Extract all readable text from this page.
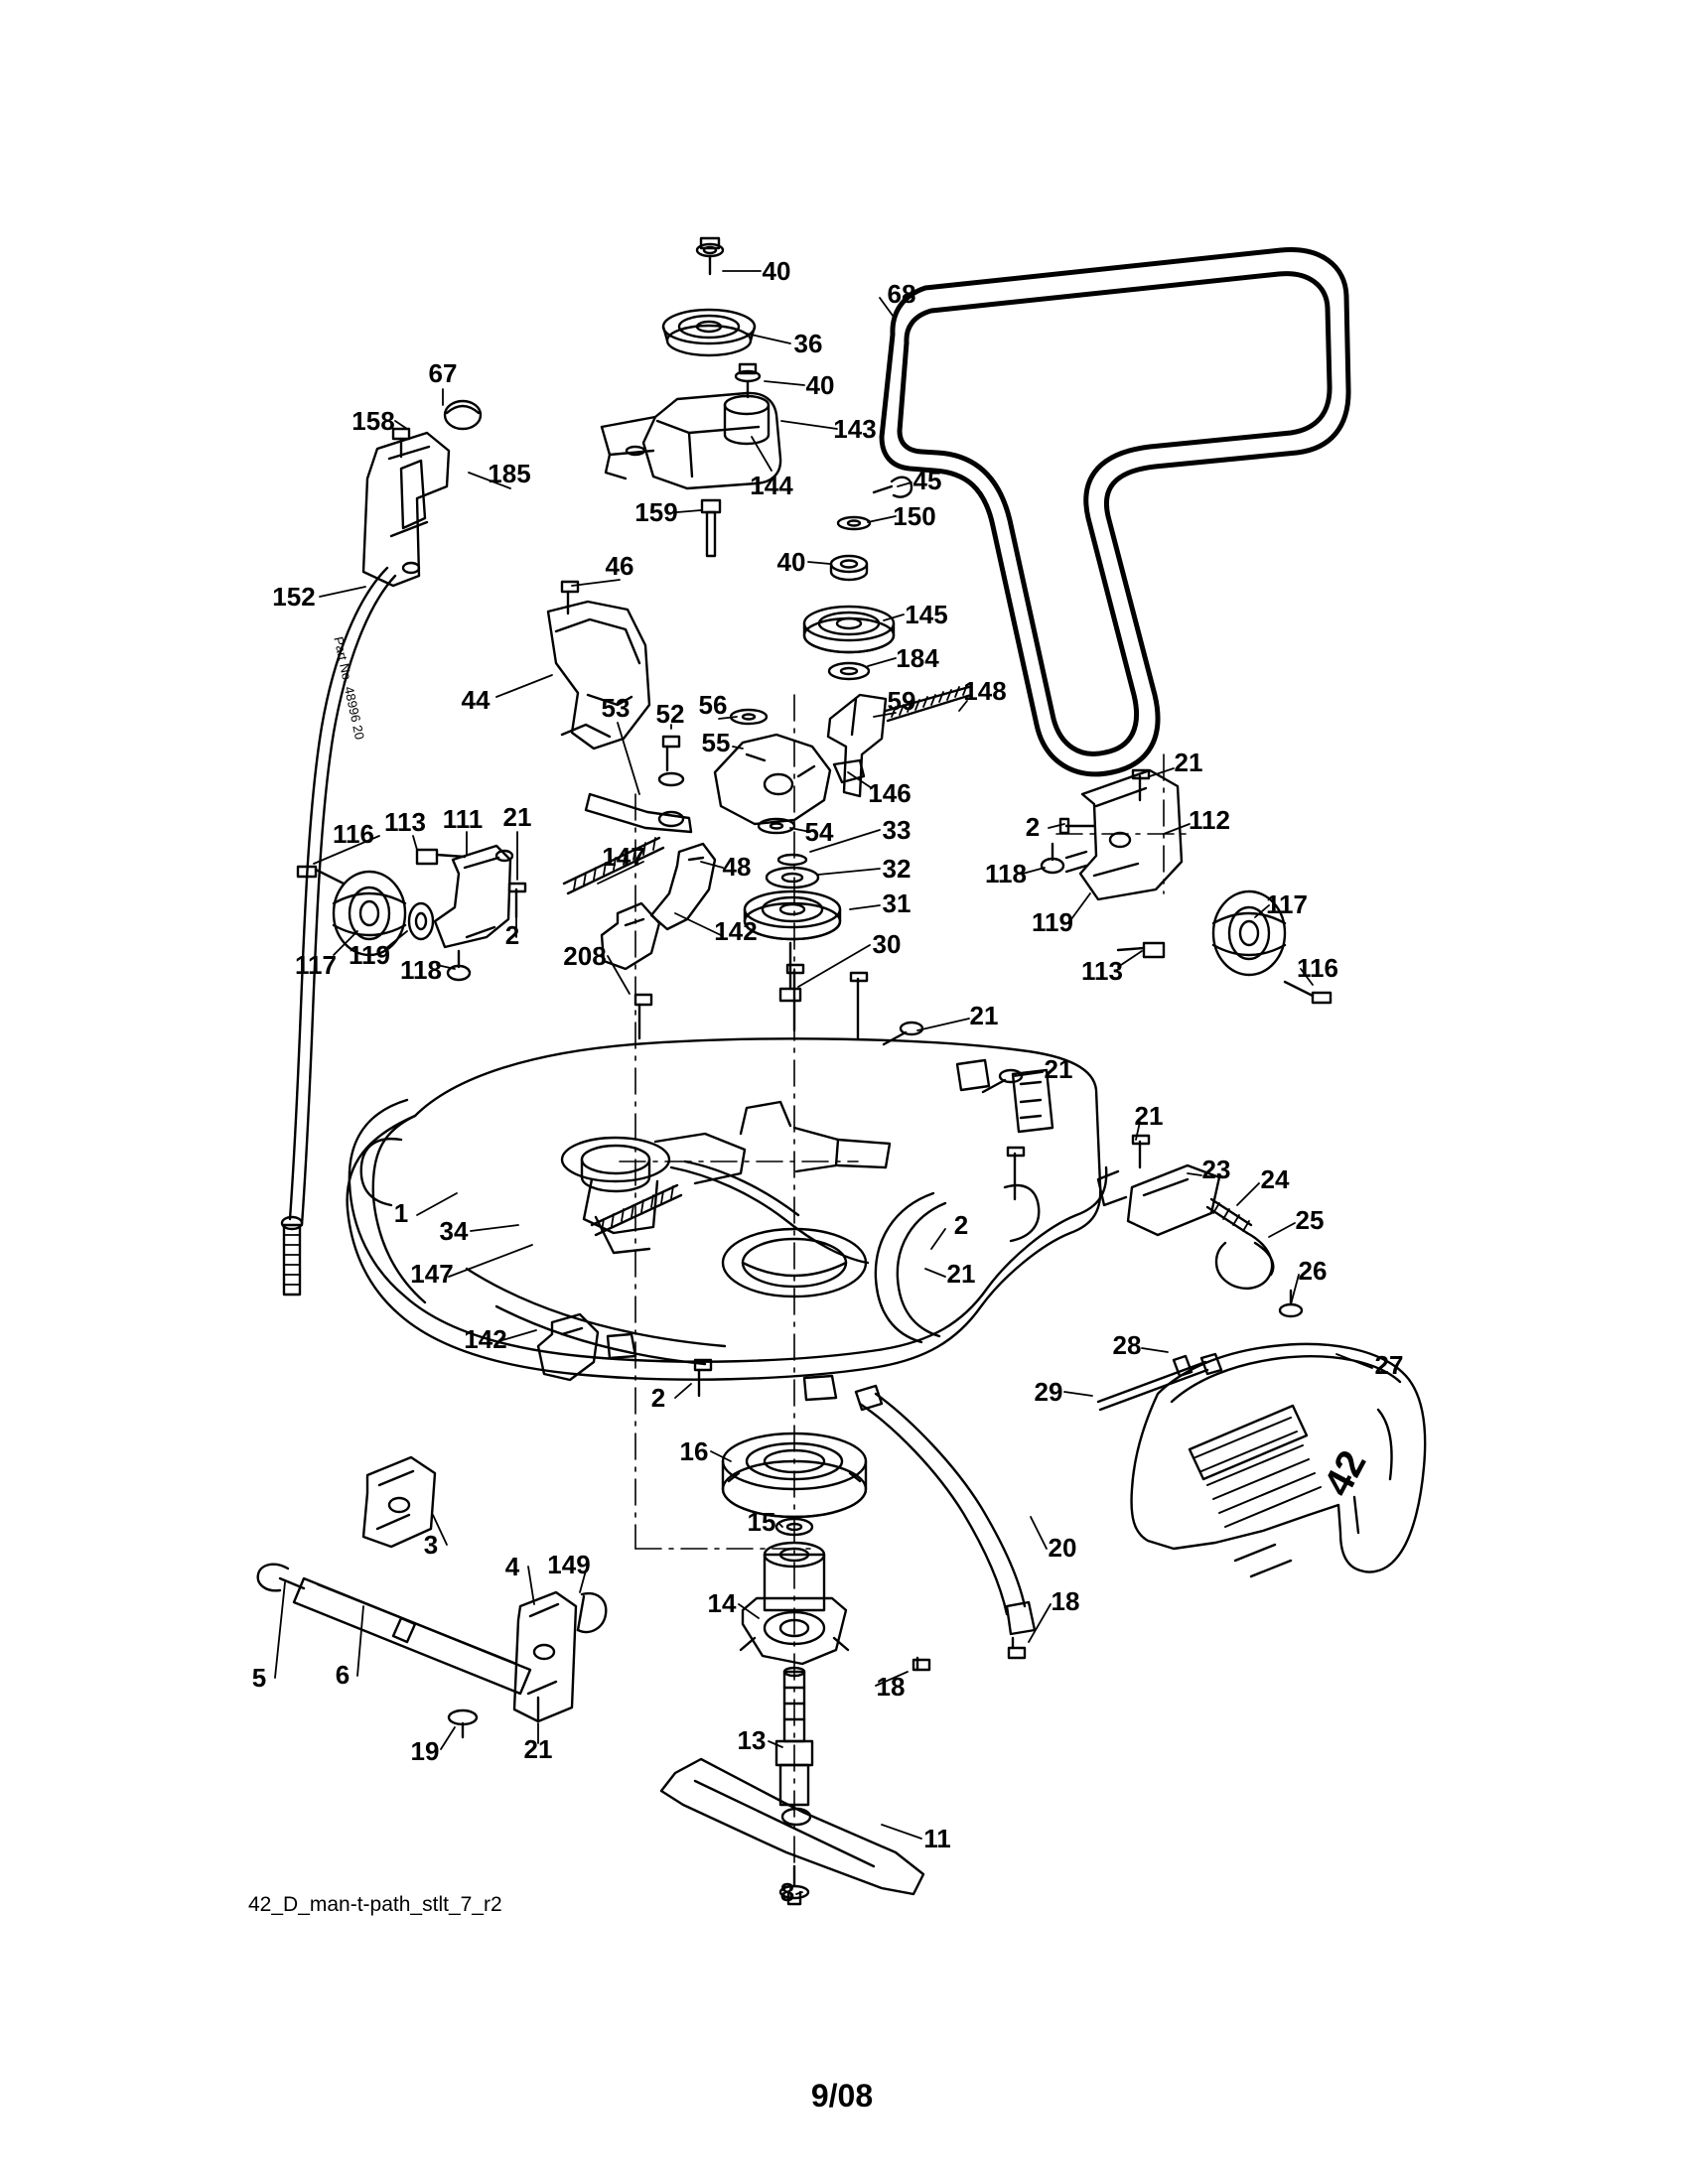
40
36
68
67
158
40
143
185	144	45
159	150
152
46	40
145
184
44	53 52 56	59 148
55
21
146
116 113 111 21	2	112
54 33
147	48	32	118
117
2
31
119
208
142	30
117 119 118	113	116
21
21
21
23 24
25
1
34	2
26
147	21
27
28
142
29
2
16
15
3
4 149
20
14	18
5	6	18
19	21	13
11
8
Part No. 48996 20
42
42_D_man-t-path_stlt_7_r2
9/08
